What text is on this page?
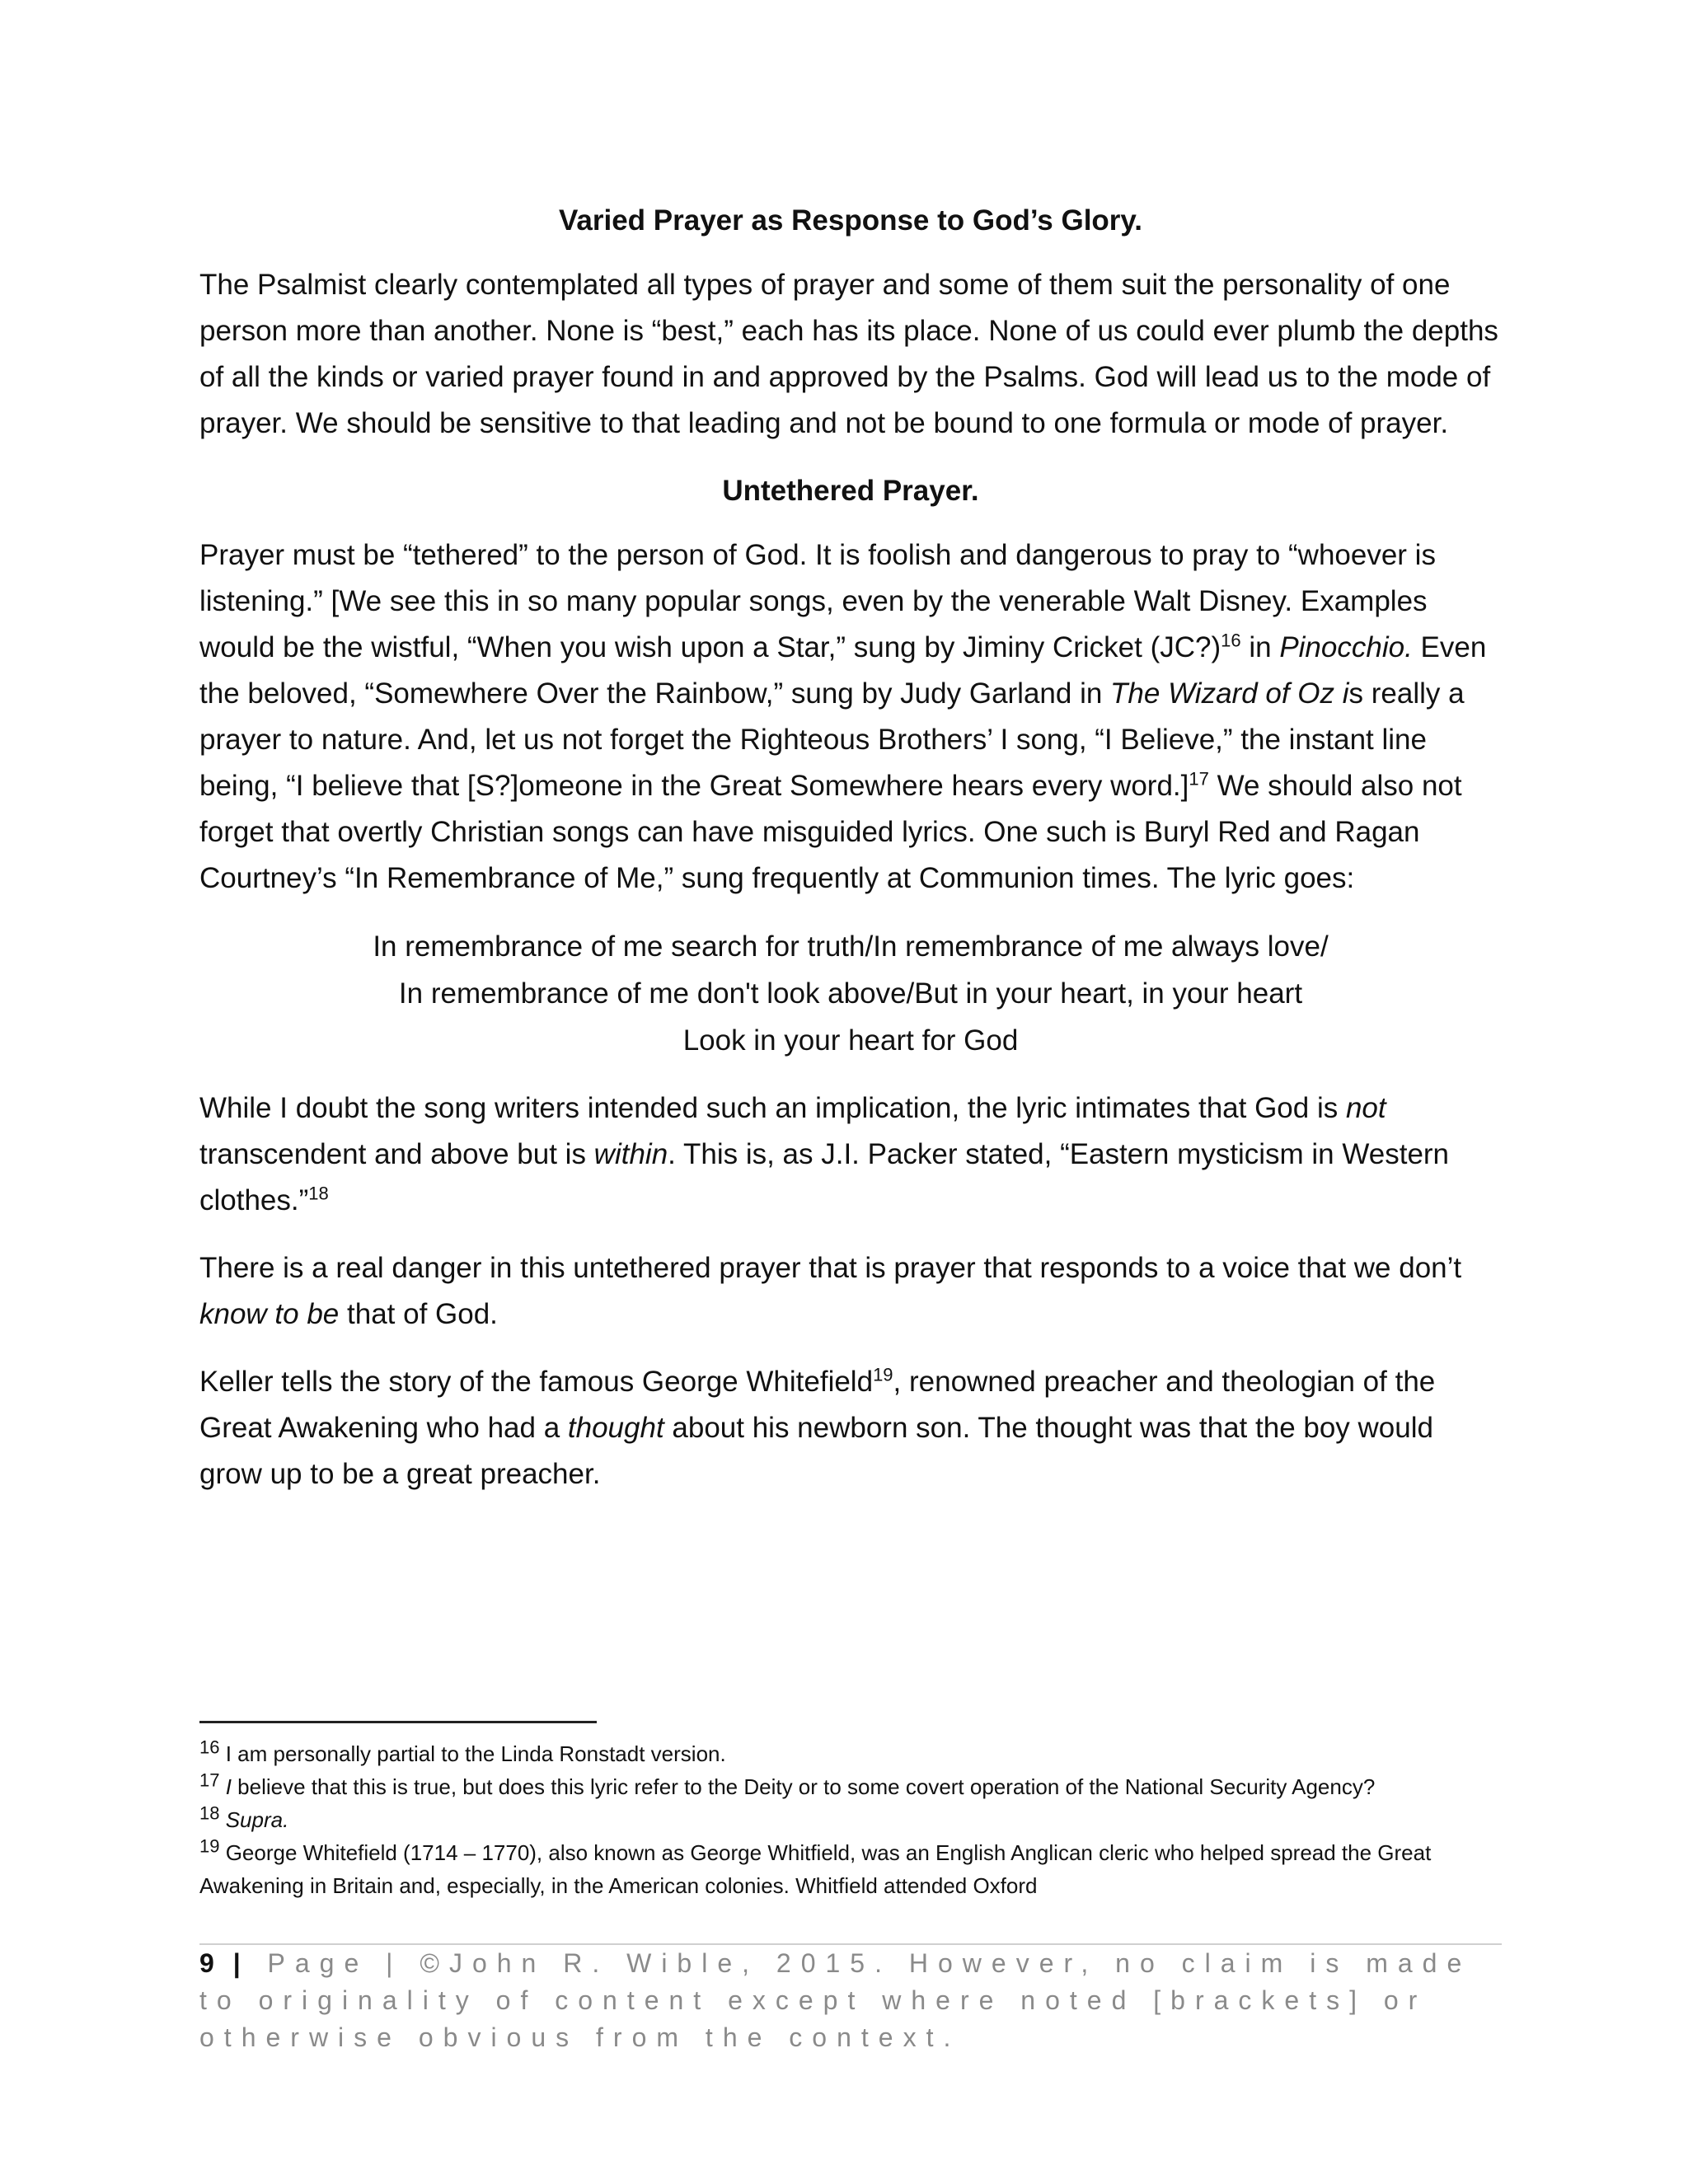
Varied Prayer as Response to God’s Glory.

The Psalmist clearly contemplated all types of prayer and some of them suit the personality of one person more than another. None is “best,” each has its place. None of us could ever plumb the depths of all the kinds or varied prayer found in and approved by the Psalms. God will lead us to the mode of prayer. We should be sensitive to that leading and not be bound to one formula or mode of prayer.

Untethered Prayer.

Prayer must be “tethered” to the person of God. It is foolish and dangerous to pray to “whoever is listening.” [We see this in so many popular songs, even by the venerable Walt Disney. Examples would be the wistful, “When you wish upon a Star,” sung by Jiminy Cricket (JC?)$^{16}$ in Pinocchio. Even the beloved, “Somewhere Over the Rainbow,” sung by Judy Garland in The Wizard of Oz is really a prayer to nature. And, let us not forget the Righteous Brothers’ I song, “I Believe,” the instant line being, “I believe that [S?]omeone in the Great Somewhere hears every word.]$^{17}$ We should also not forget that overtly Christian songs can have misguided lyrics. One such is Buryl Red and Ragan Courtney’s “In Remembrance of Me,” sung frequently at Communion times. The lyric goes:

In remembrance of me search for truth/In remembrance of me always love/
In remembrance of me don't look above/But in your heart, in your heart
Look in your heart for God

While I doubt the song writers intended such an implication, the lyric intimates that God is not transcendent and above but is within. This is, as J.I. Packer stated, “Eastern mysticism in Western clothes.”$^{18}$

There is a real danger in this untethered prayer that is prayer that responds to a voice that we don’t know to be that of God.

Keller tells the story of the famous George Whitefield$^{19}$, renowned preacher and theologian of the Great Awakening who had a thought about his newborn son. The thought was that the boy would grow up to be a great preacher.

$^{16}$ I am personally partial to the Linda Ronstadt version.

$^{17}$ I believe that this is true, but does this lyric refer to the Deity or to some covert operation of the National Security Agency?

$^{18}$ Supra.

$^{19}$ George Whitefield (1714 – 1770), also known as George Whitfield, was an English Anglican cleric who helped spread the Great Awakening in Britain and, especially, in the American colonies. Whitfield attended Oxford

9 | Page | ©John R. Wible, 2015. However, no claim is made to originality of content except where noted [brackets] or otherwise obvious from the context.
